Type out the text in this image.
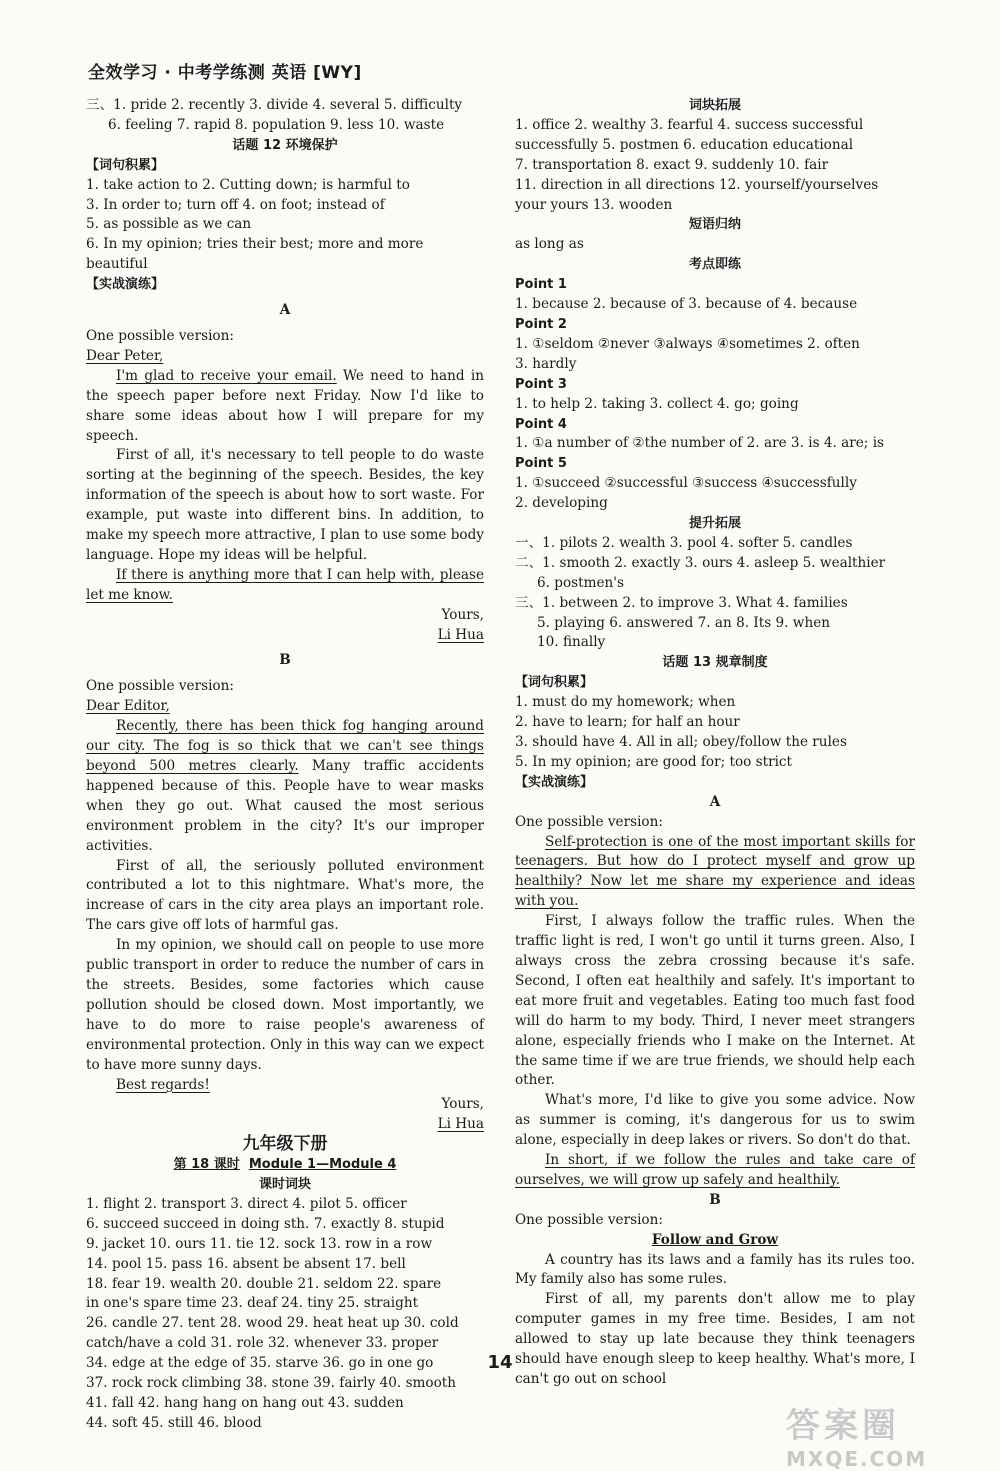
全效学习 · 中考学练测 英语 [WY]

三、1. pride 2. recently 3. divide 4. several 5. difficulty

6. feeling 7. rapid 8. population 9. less 10. waste

话题 12 环境保护

【词句积累】

1. take action to 2. Cutting down; is harmful to

3. In order to; turn off 4. on foot; instead of

5. as possible as we can

6. In my opinion; tries their best; more and more beautiful

【实战演练】

A

One possible version:

Dear Peter,

I'm glad to receive your email. We need to hand in the speech paper before next Friday. Now I'd like to share some ideas about how I will prepare for my speech.

First of all, it's necessary to tell people to do waste sorting at the beginning of the speech. Besides, the key information of the speech is about how to sort waste. For example, put waste into different bins. In addition, to make my speech more attractive, I plan to use some body language. Hope my ideas will be helpful.

If there is anything more that I can help with, please let me know.

Yours,

Li Hua

B

One possible version:

Dear Editor,

Recently, there has been thick fog hanging around our city. The fog is so thick that we can't see things beyond 500 metres clearly. Many traffic accidents happened because of this. People have to wear masks when they go out. What caused the most serious environment problem in the city? It's our improper activities.

First of all, the seriously polluted environment contributed a lot to this nightmare. What's more, the increase of cars in the city area plays an important role. The cars give off lots of harmful gas.

In my opinion, we should call on people to use more public transport in order to reduce the number of cars in the streets. Besides, some factories which cause pollution should be closed down. Most importantly, we have to do more to raise people's awareness of environmental protection. Only in this way can we expect to have more sunny days.

Best regards!

Yours,

Li Hua

九年级下册

第 18 课时 Module 1—Module 4

课时词块

1. flight 2. transport 3. direct 4. pilot 5. officer

6. succeed succeed in doing sth. 7. exactly 8. stupid

9. jacket 10. ours 11. tie 12. sock 13. row in a row

14. pool 15. pass 16. absent be absent 17. bell

18. fear 19. wealth 20. double 21. seldom 22. spare

in one's spare time 23. deaf 24. tiny 25. straight

26. candle 27. tent 28. wood 29. heat heat up 30. cold

catch/have a cold 31. role 32. whenever 33. proper

34. edge at the edge of 35. starve 36. go in one go

37. rock rock climbing 38. stone 39. fairly 40. smooth

41. fall 42. hang hang on hang out 43. sudden

44. soft 45. still 46. blood

词块拓展

1. office 2. wealthy 3. fearful 4. success successful

successfully 5. postmen 6. education educational

7. transportation 8. exact 9. suddenly 10. fair

11. direction in all directions 12. yourself/yourselves

your yours 13. wooden

短语归纳

as long as

考点即练

Point 1

1. because 2. because of 3. because of 4. because

Point 2

1. ①seldom ②never ③always ④sometimes 2. often

3. hardly

Point 3

1. to help 2. taking 3. collect 4. go; going

Point 4

1. ①a number of ②the number of 2. are 3. is 4. are; is

Point 5

1. ①succeed ②successful ③success ④successfully

2. developing

提升拓展

一、1. pilots 2. wealth 3. pool 4. softer 5. candles

二、1. smooth 2. exactly 3. ours 4. asleep 5. wealthier

6. postmen's

三、1. between 2. to improve 3. What 4. families

5. playing 6. answered 7. an 8. Its 9. when

10. finally

话题 13 规章制度

【词句积累】

1. must do my homework; when

2. have to learn; for half an hour

3. should have 4. All in all; obey/follow the rules

5. In my opinion; are good for; too strict

【实战演练】

A

One possible version:

Self-protection is one of the most important skills for teenagers. But how do I protect myself and grow up healthily? Now let me share my experience and ideas with you.

First, I always follow the traffic rules. When the traffic light is red, I won't go until it turns green. Also, I always cross the zebra crossing because it's safe. Second, I often eat healthily and safely. It's important to eat more fruit and vegetables. Eating too much fast food will do harm to my body. Third, I never meet strangers alone, especially friends who I make on the Internet. At the same time if we are true friends, we should help each other.

What's more, I'd like to give you some advice. Now as summer is coming, it's dangerous for us to swim alone, especially in deep lakes or rivers. So don't do that.

In short, if we follow the rules and take care of ourselves, we will grow up safely and healthily.

B

One possible version:

Follow and Grow

A country has its laws and a family has its rules too. My family also has some rules.

First of all, my parents don't allow me to play computer games in my free time. Besides, I am not allowed to stay up late because they think teenagers should have enough sleep to keep healthy. What's more, I can't go out on school

14
答案圈
MXQE.COM
